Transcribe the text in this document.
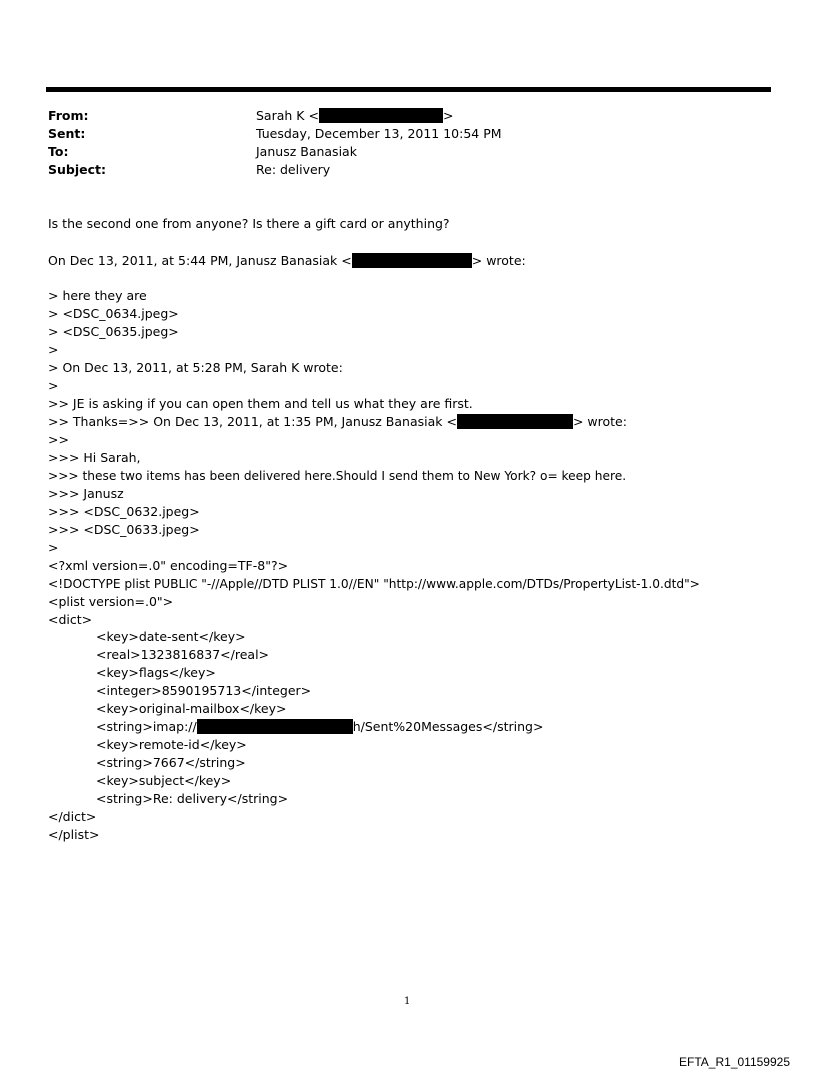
From:	Sarah K <	>
Sent:	Tuesday, December 13, 2011 10:54 PM
To:	Janusz Banasiak
Subject:	Re: delivery
Is the second one from anyone? Is there a gift card or anything?
On Dec 13, 2011, at 5:44 PM, Janusz Banasiak <	> wrote:
> here they are
> <DSC_0634.jpeg>
> <DSC_0635.jpeg>
>
> On Dec 13, 2011, at 5:28 PM, Sarah K wrote:
>
>> JE is asking if you can open them and tell us what they are first.
>> Thanks=>> On Dec 13, 2011, at 1:35 PM, Janusz Banasiak <	> wrote:
>>
>>> Hi Sarah,
>>> these two items has been delivered here.Should I send them to New York? o= keep here.
>>> Janusz
>>> <DSC_0632.jpeg>
>>> <DSC_0633.jpeg>
>
<?xml version=.0" encoding=TF-8"?>
<!DOCTYPE plist PUBLIC "-//Apple//DTD PLIST 1.0//EN" "http://www.apple.com/DTDs/PropertyList-1.0.dtd">
<plist version=.0">
<dict>
<key>date-sent</key>
<real>1323816837</real>
<key>flags</key>
<integer>8590195713</integer>
<key>original-mailbox</key>
<string>imap://	h/Sent%20Messages</string>
<key>remote-id</key>
<string>7667</string>
<key>subject</key>
<string>Re: delivery</string>
</dict>
</plist>
1
EFTA_R1_01159925
